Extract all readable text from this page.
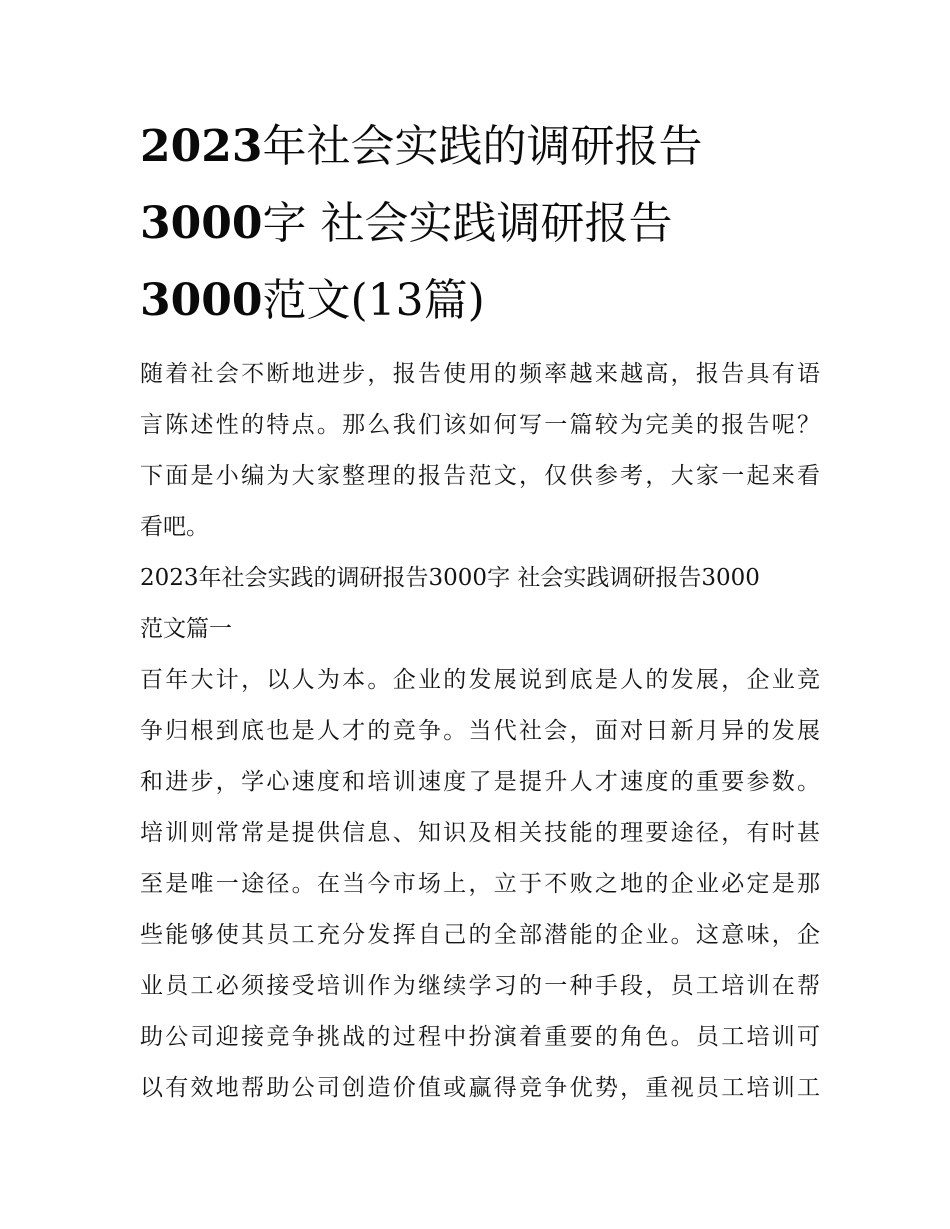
2023年社会实践的调研报告
3000字 社会实践调研报告
3000范文(13篇)

随着社会不断地进步，报告使用的频率越来越高，报告具有语
言陈述性的特点。那么我们该如何写一篇较为完美的报告呢？
下面是小编为大家整理的报告范文，仅供参考，大家一起来看
看吧。

2023年社会实践的调研报告3000字 社会实践调研报告3000
范文篇一

百年大计，以人为本。企业的发展说到底是人的发展，企业竞
争归根到底也是人才的竞争。当代社会，面对日新月异的发展
和进步，学心速度和培训速度了是提升人才速度的重要参数。
培训则常常是提供信息、知识及相关技能的理要途径，有时甚
至是唯一途径。在当今市场上，立于不败之地的企业必定是那
些能够使其员工充分发挥自己的全部潜能的企业。这意味，企
业员工必须接受培训作为继续学习的一种手段，员工培训在帮
助公司迎接竞争挑战的过程中扮演着重要的角色。员工培训可
以有效地帮助公司创造价值或赢得竞争优势，重视员工培训工
